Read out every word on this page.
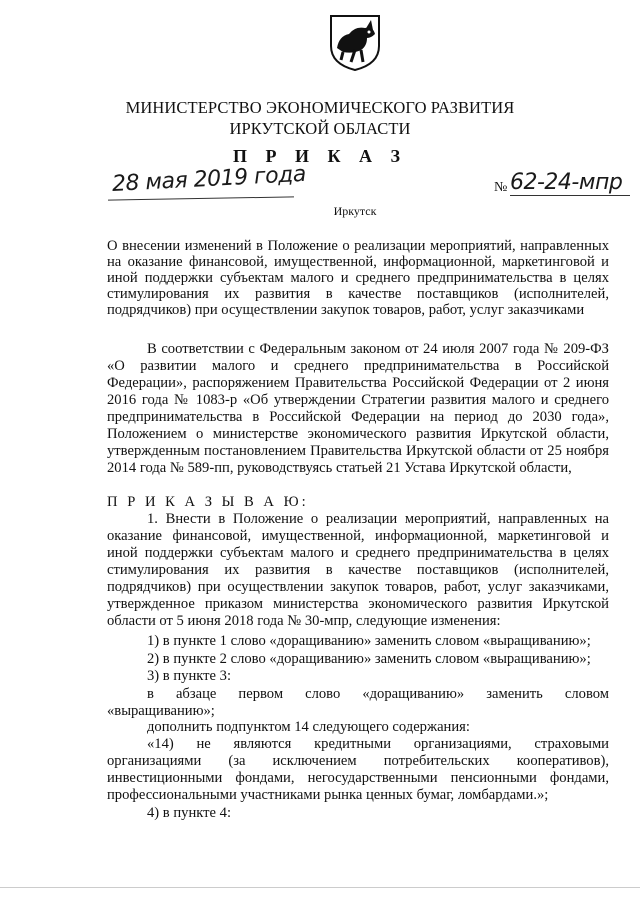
МИНИСТЕРСТВО ЭКОНОМИЧЕСКОГО РАЗВИТИЯ
ИРКУТСКОЙ ОБЛАСТИ
П Р И К А З
28 мая 2019 года	№ 62-24-мпр
Иркутск
О внесении изменений в Положение о реализации мероприятий, направленных на оказание финансовой, имущественной, информационной, маркетинговой и иной поддержки субъектам малого и среднего предпринимательства в целях стимулирования их развития в качестве поставщиков (исполнителей, подрядчиков) при осуществлении закупок товаров, работ, услуг заказчиками
В соответствии с Федеральным законом от 24 июля 2007 года № 209-ФЗ «О развитии малого и среднего предпринимательства в Российской Федерации», распоряжением Правительства Российской Федерации от 2 июня 2016 года № 1083-р «Об утверждении Стратегии развития малого и среднего предпринимательства в Российской Федерации на период до 2030 года», Положением о министерстве экономического развития Иркутской области, утвержденным постановлением Правительства Иркутской области от 25 ноября 2014 года № 589-пп, руководствуясь статьей 21 Устава Иркутской области,
П Р И К А З Ы В А Ю:
1. Внести в Положение о реализации мероприятий, направленных на оказание финансовой, имущественной, информационной, маркетинговой и иной поддержки субъектам малого и среднего предпринимательства в целях стимулирования их развития в качестве поставщиков (исполнителей, подрядчиков) при осуществлении закупок товаров, работ, услуг заказчиками, утвержденное приказом министерства экономического развития Иркутской области от 5 июня 2018 года № 30-мпр, следующие изменения:
1) в пункте 1 слово «доращиванию» заменить словом «выращиванию»;
2) в пункте 2 слово «доращиванию» заменить словом «выращиванию»;
3) в пункте 3:
в абзаце первом слово «доращиванию» заменить словом «выращиванию»;
дополнить подпунктом 14 следующего содержания:
«14) не являются кредитными организациями, страховыми организациями (за исключением потребительских кооперативов), инвестиционными фондами, негосударственными пенсионными фондами, профессиональными участниками рынка ценных бумаг, ломбардами.»;
4) в пункте 4:
